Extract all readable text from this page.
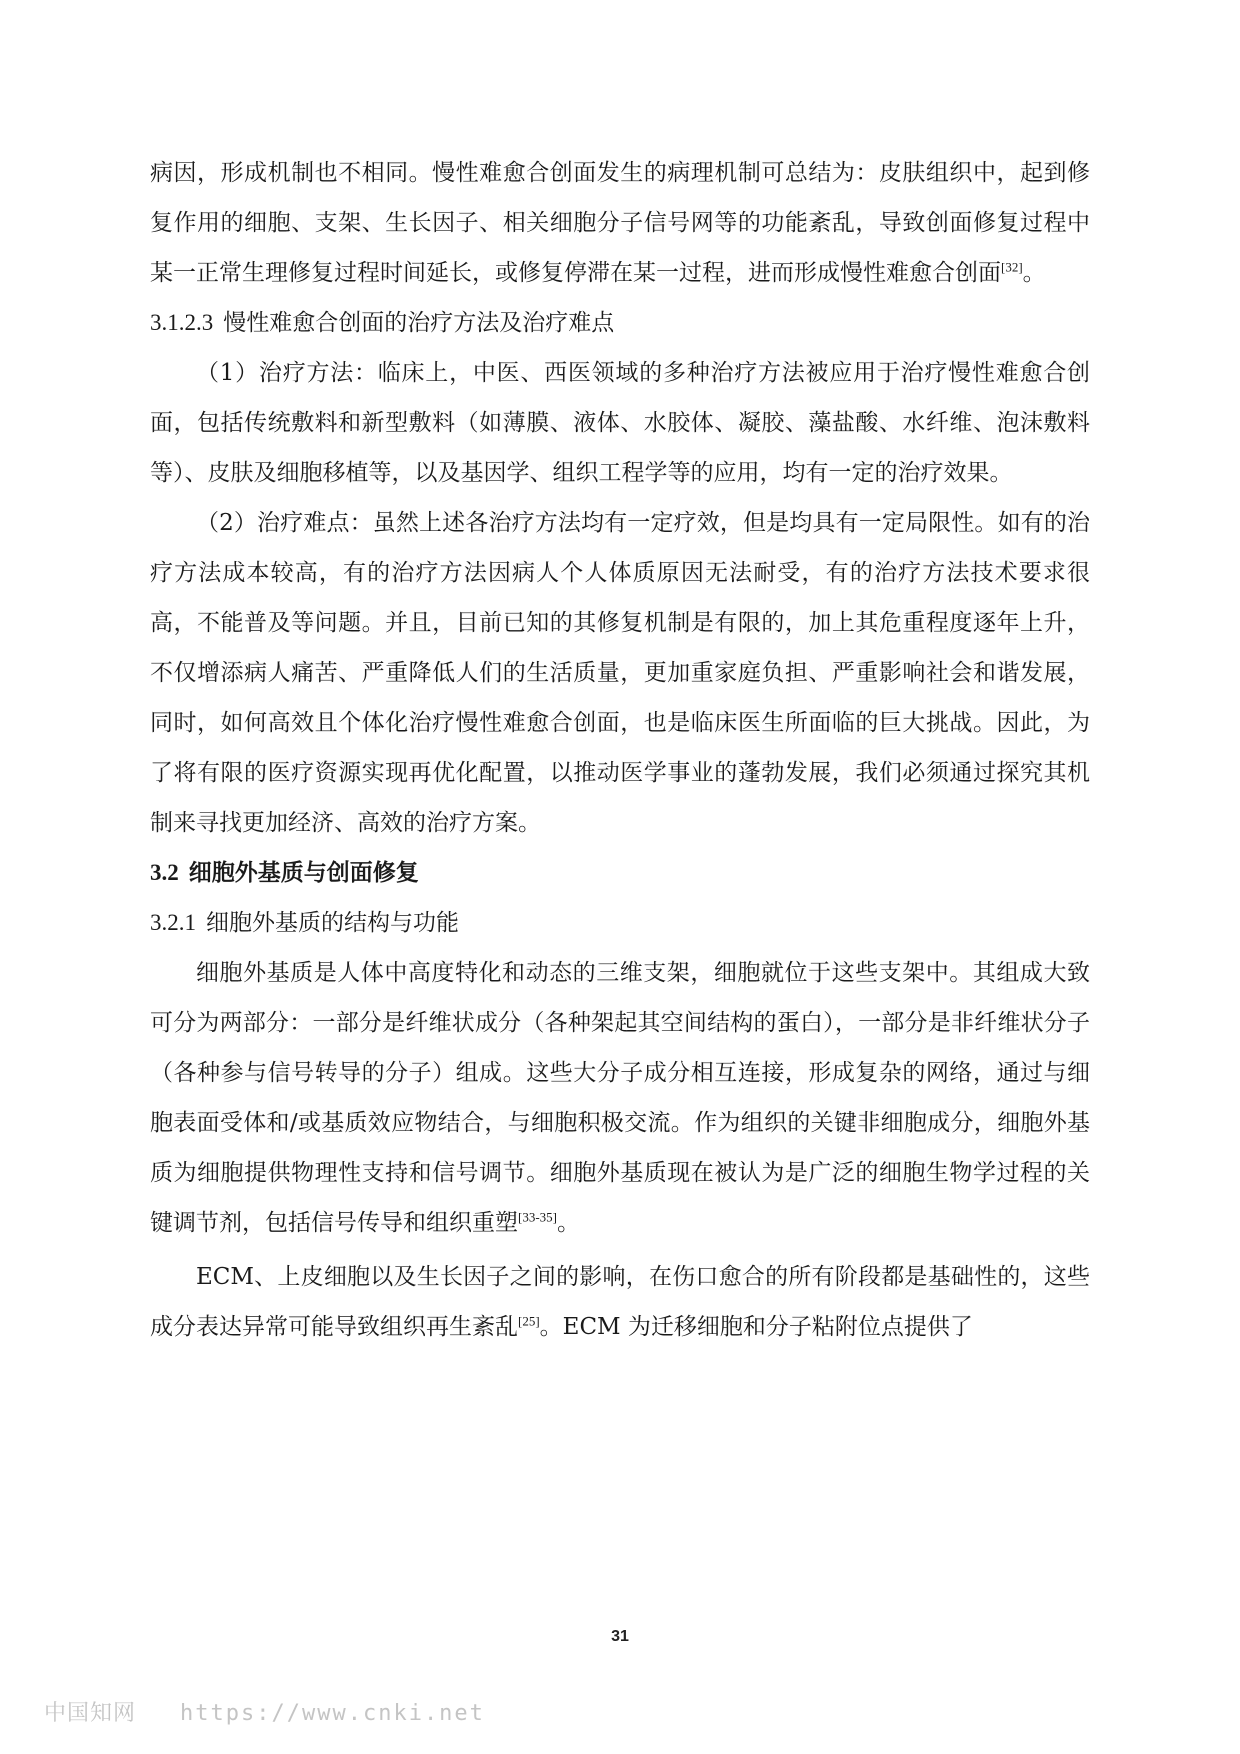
病因，形成机制也不相同。慢性难愈合创面发生的病理机制可总结为：皮肤组织中，起到修复作用的细胞、支架、生长因子、相关细胞分子信号网等的功能紊乱，导致创面修复过程中某一正常生理修复过程时间延长，或修复停滞在某一过程，进而形成慢性难愈合创面[32]。

3.1.2.3 慢性难愈合创面的治疗方法及治疗难点

（1）治疗方法：临床上，中医、西医领域的多种治疗方法被应用于治疗慢性难愈合创面，包括传统敷料和新型敷料（如薄膜、液体、水胶体、凝胶、藻盐酸、水纤维、泡沫敷料等）、皮肤及细胞移植等，以及基因学、组织工程学等的应用，均有一定的治疗效果。

（2）治疗难点：虽然上述各治疗方法均有一定疗效，但是均具有一定局限性。如有的治疗方法成本较高，有的治疗方法因病人个人体质原因无法耐受，有的治疗方法技术要求很高，不能普及等问题。并且，目前已知的其修复机制是有限的，加上其危重程度逐年上升，不仅增添病人痛苦、严重降低人们的生活质量，更加重家庭负担、严重影响社会和谐发展，同时，如何高效且个体化治疗慢性难愈合创面，也是临床医生所面临的巨大挑战。因此，为了将有限的医疗资源实现再优化配置，以推动医学事业的蓬勃发展，我们必须通过探究其机制来寻找更加经济、高效的治疗方案。

3.2 细胞外基质与创面修复

3.2.1 细胞外基质的结构与功能

细胞外基质是人体中高度特化和动态的三维支架，细胞就位于这些支架中。其组成大致可分为两部分：一部分是纤维状成分（各种架起其空间结构的蛋白），一部分是非纤维状分子（各种参与信号转导的分子）组成。这些大分子成分相互连接，形成复杂的网络，通过与细胞表面受体和/或基质效应物结合，与细胞积极交流。作为组织的关键非细胞成分，细胞外基质为细胞提供物理性支持和信号调节。细胞外基质现在被认为是广泛的细胞生物学过程的关键调节剂，包括信号传导和组织重塑[33-35]。

ECM、上皮细胞以及生长因子之间的影响，在伤口愈合的所有阶段都是基础性的，这些成分表达异常可能导致组织再生紊乱[25]。ECM 为迁移细胞和分子粘附位点提供了

31
中国知网 https://www.cnki.net
